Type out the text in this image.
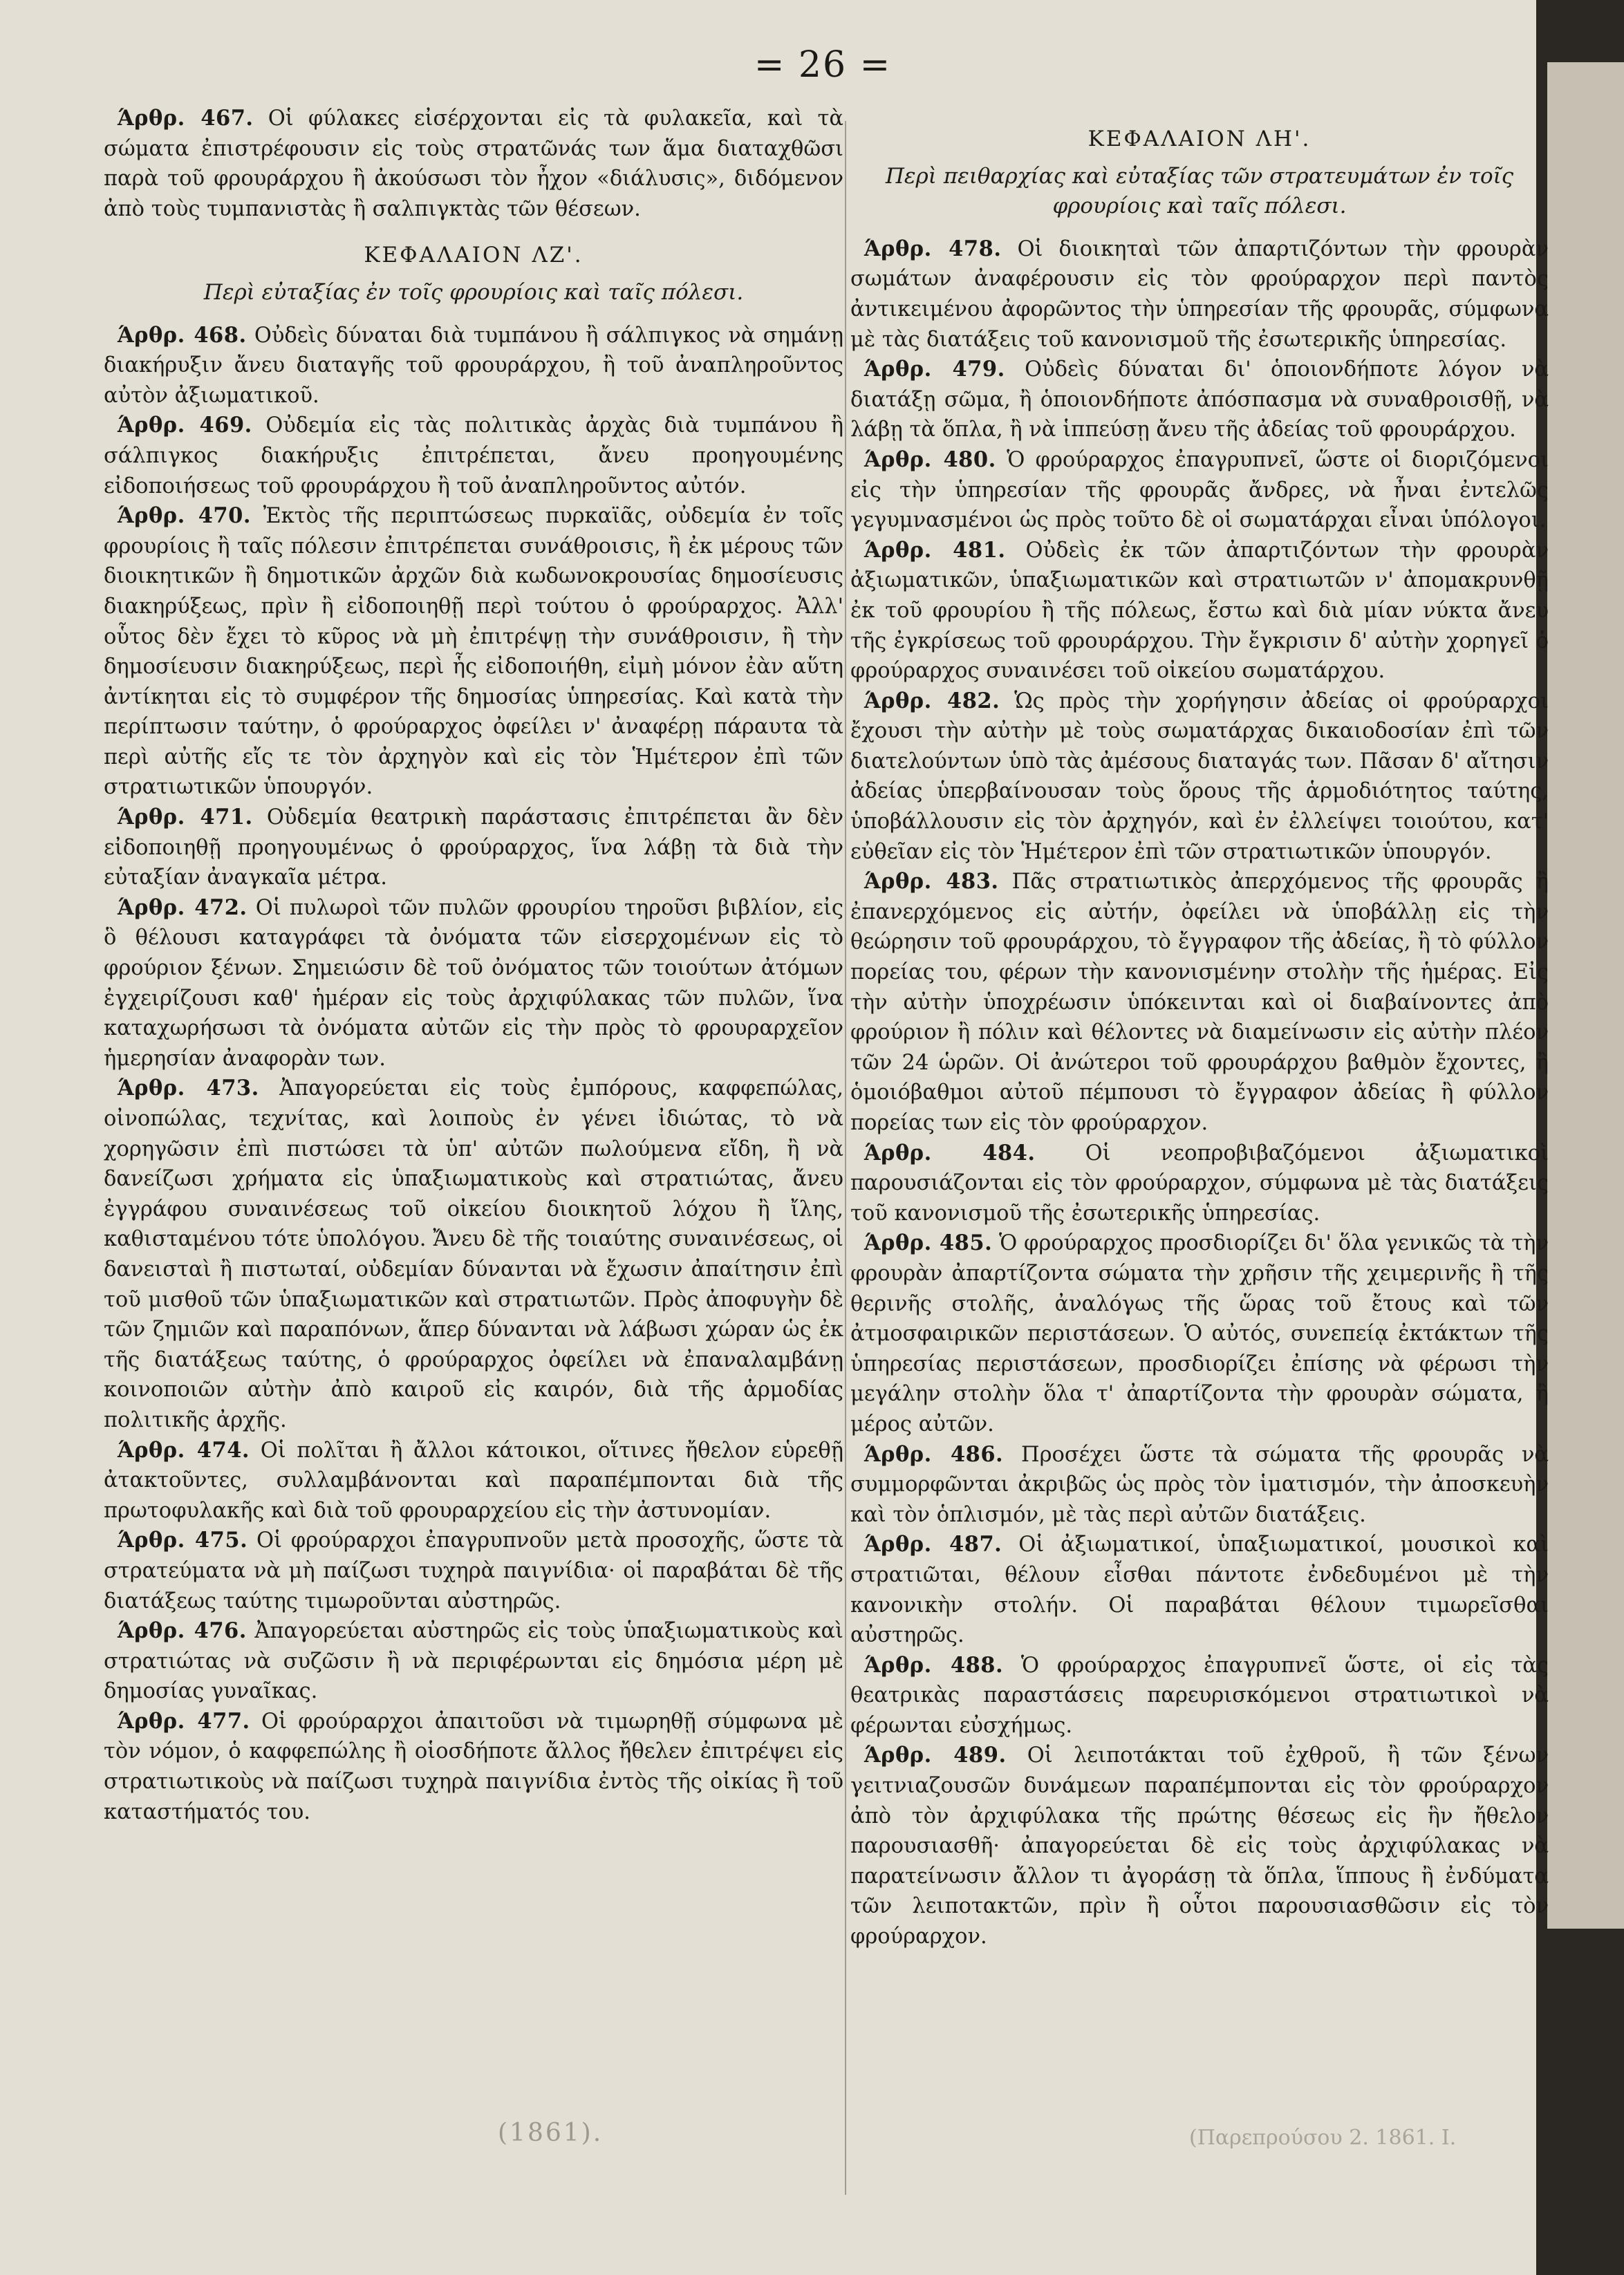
= 26 =

Άρθρ. 467. Οἱ φύλακες εἰσέρχονται εἰς τὰ φυλακεῖα, καὶ τὰ σώματα ἐπιστρέφουσιν εἰς τοὺς στρατῶνάς των ἅμα διαταχθῶσι παρὰ τοῦ φρουράρχου ἢ ἀκούσωσι τὸν ἦχον «διάλυσις», διδόμενον ἀπὸ τοὺς τυμπανιστὰς ἢ σαλπιγκτὰς τῶν θέσεων.

ΚΕΦΑΛΑΙΟΝ ΛΖ'.

Περὶ εὐταξίας ἐν τοῖς φρουρίοις καὶ ταῖς πόλεσι.

Άρθρ. 468. Οὐδεὶς δύναται διὰ τυμπάνου ἢ σάλπιγκος νὰ σημάνῃ διακήρυξιν ἄνευ διαταγῆς τοῦ φρουράρχου, ἢ τοῦ ἀναπληροῦντος αὐτὸν ἀξιωματικοῦ.

Άρθρ. 469. Οὐδεμία εἰς τὰς πολιτικὰς ἀρχὰς διὰ τυμπάνου ἢ σάλπιγκος διακήρυξις ἐπιτρέπεται, ἄνευ προηγουμένης εἰδοποιήσεως τοῦ φρουράρχου ἢ τοῦ ἀναπληροῦντος αὐτόν.

Άρθρ. 470. Ἐκτὸς τῆς περιπτώσεως πυρκαϊᾶς, οὐδεμία ἐν τοῖς φρουρίοις ἢ ταῖς πόλεσιν ἐπιτρέπεται συνάθροισις, ἢ ἐκ μέρους τῶν διοικητικῶν ἢ δημοτικῶν ἀρχῶν διὰ κωδωνοκρουσίας δημοσίευσις διακηρύξεως, πρὶν ἢ εἰδοποιηθῇ περὶ τούτου ὁ φρούραρχος. Ἀλλ' οὗτος δὲν ἔχει τὸ κῦρος νὰ μὴ ἐπιτρέψῃ τὴν συνάθροισιν, ἢ τὴν δημοσίευσιν διακηρύξεως, περὶ ἧς εἰδοποιήθη, εἰμὴ μόνον ἐὰν αὕτη ἀντίκηται εἰς τὸ συμφέρον τῆς δημοσίας ὑπηρεσίας. Καὶ κατὰ τὴν περίπτωσιν ταύτην, ὁ φρούραρχος ὀφείλει ν' ἀναφέρῃ πάραυτα τὰ περὶ αὐτῆς εἴς τε τὸν ἀρχηγὸν καὶ εἰς τὸν Ἡμέτερον ἐπὶ τῶν στρατιωτικῶν ὑπουργόν.

Άρθρ. 471. Οὐδεμία θεατρικὴ παράστασις ἐπιτρέπεται ἂν δὲν εἰδοποιηθῇ προηγουμένως ὁ φρούραρχος, ἵνα λάβῃ τὰ διὰ τὴν εὐταξίαν ἀναγκαῖα μέτρα.

Άρθρ. 472. Οἱ πυλωροὶ τῶν πυλῶν φρουρίου τηροῦσι βιβλίον, εἰς ὃ θέλουσι καταγράφει τὰ ὀνόματα τῶν εἰσερχομένων εἰς τὸ φρούριον ξένων. Σημειώσιν δὲ τοῦ ὀνόματος τῶν τοιούτων ἀτόμων ἐγχειρίζουσι καθ' ἡμέραν εἰς τοὺς ἀρχιφύλακας τῶν πυλῶν, ἵνα καταχωρήσωσι τὰ ὀνόματα αὐτῶν εἰς τὴν πρὸς τὸ φρουραρχεῖον ἡμερησίαν ἀναφορὰν των.

Άρθρ. 473. Ἀπαγορεύεται εἰς τοὺς ἐμπόρους, καφφεπώλας, οἰνοπώλας, τεχνίτας, καὶ λοιποὺς ἐν γένει ἰδιώτας, τὸ νὰ χορηγῶσιν ἐπὶ πιστώσει τὰ ὑπ' αὐτῶν πωλούμενα εἴδη, ἢ νὰ δανείζωσι χρήματα εἰς ὑπαξιωματικοὺς καὶ στρατιώτας, ἄνευ ἐγγράφου συναινέσεως τοῦ οἰκείου διοικητοῦ λόχου ἢ ἴλης, καθισταμένου τότε ὑπολόγου. Ἄνευ δὲ τῆς τοιαύτης συναινέσεως, οἱ δανεισταὶ ἢ πιστωταί, οὐδεμίαν δύνανται νὰ ἔχωσιν ἀπαίτησιν ἐπὶ τοῦ μισθοῦ τῶν ὑπαξιωματικῶν καὶ στρατιωτῶν. Πρὸς ἀποφυγὴν δὲ τῶν ζημιῶν καὶ παραπόνων, ἅπερ δύνανται νὰ λάβωσι χώραν ὡς ἐκ τῆς διατάξεως ταύτης, ὁ φρούραρχος ὀφείλει νὰ ἐπαναλαμβάνῃ κοινοποιῶν αὐτὴν ἀπὸ καιροῦ εἰς καιρόν, διὰ τῆς ἁρμοδίας πολιτικῆς ἀρχῆς.

Άρθρ. 474. Οἱ πολῖται ἢ ἄλλοι κάτοικοι, οἵτινες ἤθελον εὑρεθῇ ἀτακτοῦντες, συλλαμβάνονται καὶ παραπέμπονται διὰ τῆς πρωτοφυλακῆς καὶ διὰ τοῦ φρουραρχείου εἰς τὴν ἀστυνομίαν.

Άρθρ. 475. Οἱ φρούραρχοι ἐπαγρυπνοῦν μετὰ προσοχῆς, ὥστε τὰ στρατεύματα νὰ μὴ παίζωσι τυχηρὰ παιγνίδια· οἱ παραβάται δὲ τῆς διατάξεως ταύτης τιμωροῦνται αὐστηρῶς.

Άρθρ. 476. Ἀπαγορεύεται αὐστηρῶς εἰς τοὺς ὑπαξιωματικοὺς καὶ στρατιώτας νὰ συζῶσιν ἢ νὰ περιφέρωνται εἰς δημόσια μέρη μὲ δημοσίας γυναῖκας.

Άρθρ. 477. Οἱ φρούραρχοι ἀπαιτοῦσι νὰ τιμωρηθῇ σύμφωνα μὲ τὸν νόμον, ὁ καφφεπώλης ἢ οἱοσδήποτε ἄλλος ἤθελεν ἐπιτρέψει εἰς στρατιωτικοὺς νὰ παίζωσι τυχηρὰ παιγνίδια ἐντὸς τῆς οἰκίας ἢ τοῦ καταστήματός του.

ΚΕΦΑΛΑΙΟΝ ΛΗ'.

Περὶ πειθαρχίας καὶ εὐταξίας τῶν στρατευμάτων ἐν τοῖς φρουρίοις καὶ ταῖς πόλεσι.

Άρθρ. 478. Οἱ διοικηταὶ τῶν ἀπαρτιζόντων τὴν φρουρὰν σωμάτων ἀναφέρουσιν εἰς τὸν φρούραρχον περὶ παντὸς ἀντικειμένου ἀφορῶντος τὴν ὑπηρεσίαν τῆς φρουρᾶς, σύμφωνα μὲ τὰς διατάξεις τοῦ κανονισμοῦ τῆς ἐσωτερικῆς ὑπηρεσίας.

Άρθρ. 479. Οὐδεὶς δύναται δι' ὁποιονδήποτε λόγον νὰ διατάξῃ σῶμα, ἢ ὁποιονδήποτε ἀπόσπασμα νὰ συναθροισθῇ, νὰ λάβῃ τὰ ὅπλα, ἢ νὰ ἱππεύσῃ ἄνευ τῆς ἀδείας τοῦ φρουράρχου.

Άρθρ. 480. Ὁ φρούραρχος ἐπαγρυπνεῖ, ὥστε οἱ διοριζόμενοι εἰς τὴν ὑπηρεσίαν τῆς φρουρᾶς ἄνδρες, νὰ ἦναι ἐντελῶς γεγυμνασμένοι ὡς πρὸς τοῦτο δὲ οἱ σωματάρχαι εἶναι ὑπόλογοι.

Άρθρ. 481. Οὐδεὶς ἐκ τῶν ἀπαρτιζόντων τὴν φρουρὰν ἀξιωματικῶν, ὑπαξιωματικῶν καὶ στρατιωτῶν ν' ἀπομακρυνθῇ ἐκ τοῦ φρουρίου ἢ τῆς πόλεως, ἔστω καὶ διὰ μίαν νύκτα ἄνευ τῆς ἐγκρίσεως τοῦ φρουράρχου. Τὴν ἔγκρισιν δ' αὐτὴν χορηγεῖ ὁ φρούραρχος συναινέσει τοῦ οἰκείου σωματάρχου.

Άρθρ. 482. Ὡς πρὸς τὴν χορήγησιν ἀδείας οἱ φρούραρχοι ἔχουσι τὴν αὐτὴν μὲ τοὺς σωματάρχας δικαιοδοσίαν ἐπὶ τῶν διατελούντων ὑπὸ τὰς ἀμέσους διαταγάς των. Πᾶσαν δ' αἴτησιν ἀδείας ὑπερβαίνουσαν τοὺς ὅρους τῆς ἁρμοδιότητος ταύτης, ὑποβάλλουσιν εἰς τὸν ἀρχηγόν, καὶ ἐν ἐλλείψει τοιούτου, κατ' εὐθεῖαν εἰς τὸν Ἡμέτερον ἐπὶ τῶν στρατιωτικῶν ὑπουργόν.

Άρθρ. 483. Πᾶς στρατιωτικὸς ἀπερχόμενος τῆς φρουρᾶς ἢ ἐπανερχόμενος εἰς αὐτήν, ὀφείλει νὰ ὑποβάλλῃ εἰς τὴν θεώρησιν τοῦ φρουράρχου, τὸ ἔγγραφον τῆς ἀδείας, ἢ τὸ φύλλον πορείας του, φέρων τὴν κανονισμένην στολὴν τῆς ἡμέρας. Εἰς τὴν αὐτὴν ὑποχρέωσιν ὑπόκεινται καὶ οἱ διαβαίνοντες ἀπὸ φρούριον ἢ πόλιν καὶ θέλοντες νὰ διαμείνωσιν εἰς αὐτὴν πλέον τῶν 24 ὡρῶν. Οἱ ἀνώτεροι τοῦ φρουράρχου βαθμὸν ἔχοντες, ἢ ὁμοιόβαθμοι αὐτοῦ πέμπουσι τὸ ἔγγραφον ἀδείας ἢ φύλλον πορείας των εἰς τὸν φρούραρχον.

Άρθρ. 484. Οἱ νεοπροβιβαζόμενοι ἀξιωματικοὶ παρουσιάζονται εἰς τὸν φρούραρχον, σύμφωνα μὲ τὰς διατάξεις τοῦ κανονισμοῦ τῆς ἐσωτερικῆς ὑπηρεσίας.

Άρθρ. 485. Ὁ φρούραρχος προσδιορίζει δι' ὅλα γενικῶς τὰ τὴν φρουρὰν ἀπαρτίζοντα σώματα τὴν χρῆσιν τῆς χειμερινῆς ἢ τῆς θερινῆς στολῆς, ἀναλόγως τῆς ὥρας τοῦ ἔτους καὶ τῶν ἀτμοσφαιρικῶν περιστάσεων. Ὁ αὐτός, συνεπείᾳ ἐκτάκτων τῆς ὑπηρεσίας περιστάσεων, προσδιορίζει ἐπίσης νὰ φέρωσι τὴν μεγάλην στολὴν ὅλα τ' ἀπαρτίζοντα τὴν φρουρὰν σώματα, ἢ μέρος αὐτῶν.

Άρθρ. 486. Προσέχει ὥστε τὰ σώματα τῆς φρουρᾶς νὰ συμμορφῶνται ἀκριβῶς ὡς πρὸς τὸν ἱματισμόν, τὴν ἀποσκευὴν καὶ τὸν ὁπλισμόν, μὲ τὰς περὶ αὐτῶν διατάξεις.

Άρθρ. 487. Οἱ ἀξιωματικοί, ὑπαξιωματικοί, μουσικοὶ καὶ στρατιῶται, θέλουν εἶσθαι πάντοτε ἐνδεδυμένοι μὲ τὴν κανονικὴν στολήν. Οἱ παραβάται θέλουν τιμωρεῖσθαι αὐστηρῶς.

Άρθρ. 488. Ὁ φρούραρχος ἐπαγρυπνεῖ ὥστε, οἱ εἰς τὰς θεατρικὰς παραστάσεις παρευρισκόμενοι στρατιωτικοὶ νὰ φέρωνται εὐσχήμως.

Άρθρ. 489. Οἱ λειποτάκται τοῦ ἐχθροῦ, ἢ τῶν ξένων γειτνιαζουσῶν δυνάμεων παραπέμπονται εἰς τὸν φρούραρχον ἀπὸ τὸν ἀρχιφύλακα τῆς πρώτης θέσεως εἰς ἣν ἤθελον παρουσιασθῆ· ἀπαγορεύεται δὲ εἰς τοὺς ἀρχιφύλακας νὰ παρατείνωσιν ἄλλον τι ἀγοράσῃ τὰ ὅπλα, ἵππους ἢ ἐνδύματα τῶν λειποτακτῶν, πρὶν ἢ οὗτοι παρουσιασθῶσιν εἰς τὸν φρούραρχον.

(1861).	(Παρεπρούσου 2. 1861. Ι.
